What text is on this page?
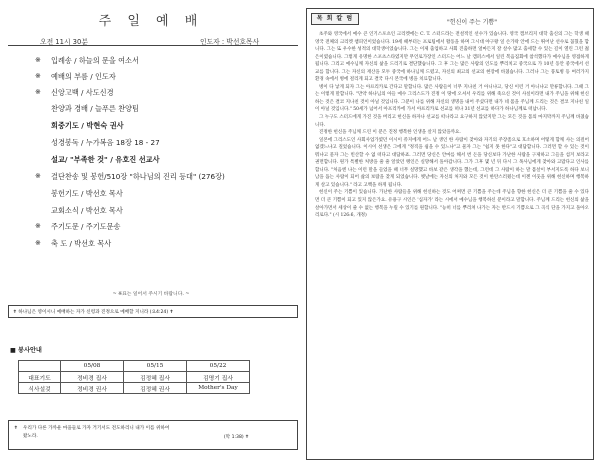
주 일 예 배
오전 11시 30분	인도자 : 박선호목사
※ 입례송 / 하늘의 문을 여소서
※ 예배의 부름 / 인도자
※ 신앙고백 / 사도신경
찬양과 경배 / 늘푸른 찬양팀
회중기도 / 박현숙 권사
성경봉독 / 누가복음 18장 18 - 27
설교/ "부족한 것" / 유호진 선교사
※ 결단찬송 및 봉헌/510장 "하나님의 진리 등대" (276장)
봉헌기도 / 박선호 목사
교회소식 / 박선호 목사
※ 주기도문 / 주기도문송
※ 축 도 / 박선호 목사
~ ※표는 일어서 주시기 바랍니다. ~
✝ 하나님은 영이시니 예배하는 자가 신령과 진정으로 예배할 지니라 (요4:24) ✝
■ 봉사안내
	05/08	05/15	05/22
대표기도	정비경 집사	김정혜 집사	김명기 집사
식사설겆	정비경 권사	김정혜 권사	Mother's Day
✝ 우리가 다른 가까운 마을들로 가자 거기서도 전도하리니 내가 이를 위하여
왔노라.	(막 1:38) ✝
목 회 칼 럼
"헌신이 주는 기쁨"

초주와 영국에서 예수 큰 인기스포츠인 크리켓에는 C. T. 스터드라는 전설적인 선수가 있습니다. 영국 캠브리지 대학 출신의 그는 학생 때 영국 전체의 크리켓 챔피언이었습니다. 19세 때부터는 프로팀에서 활동을 하며 그시대 야구왕 일 손가락 안에 드는 뛰어난 선수로 꼽혔을 합니다. 그는 또 우수한 성적의 대학생이었습니다. 그는 이제 출업하고 사회 진출하면 얼마든지 잘 살수 많고 출세할 수 있는 길이 열린 그런 젊은이였습니다. 그렇게 유명한 스포츠스타였지만 무언로가장인 스터드는 어느 날 캠퍼스에서 일린 복음집회에 참석했다가 예수님을 영접하게 됩니다. 그리고 예수님께 자신의 삶을 드리기로 결단했습니다. 그 후 그는 많은 사람의 인도를 뿌리치고 중국으로 가 10년 동안 중국에서 선교를 합니다. 그는 자신의 재산을 모두 중국에 하나님께 드렸고, 자신의 최고의 선교의 현장에 바쳤습니다. 그러나 그는 풍토병 등 여러가지 환경 속에서 병에 걸리게 되고 결국 다시 본국에 병을 치료합니다.

병이 다 낳게 되자 그는 아프리카로 간다고 말합니다. 많은 사람들이 너무 지나친 거 아니냐고, 당신 이런 거 아니냐고 만류합니다. 그때 그는 이렇게 말합니다. "만약 하나님의 아들 예수 그리스도가 진정 이 땅에 오셔서 우리를 위해 죽으신 것이 사실이라면 내가 주님을 위해 헌신하는 것은 결코 지나친 것이 아닐 것입니다. 그분이 나를 위해 자신의 생명을 내어 주셨다면 내가 네 몸을 주님께 드리는 것은 결코 지나친 일이 아닐 것입니다." 50세가 넘어서 아프리카에 가서 아프리카로 선교를 떠나 31년 선교를 하다가 하나님께로 떠납니다.

그 누구도 스터드에게 가진 것을 버리고 헌신을 하자나 선교를 떠나라고 요구하지 않았지만 그는 모든 것을 몸의 마지막까지 주님께 바쳤습니다.

진정한 헌신을 주님께 드린 이 분은 진정 행복한 인생을 살지 않았을까요.

일본에 그리스도인 사회사업가였던 이시이 쥬지에게 어느 날 생인 한 사람이 찾아와 자기의 주장좀으로 호소하며 어떻게 함께 사는 의걸어 없겠느냐고 질었습니다. 이시이 선생은 그에게 "정직을 쉼을 수 있느냐"고 물자 그는 "쉽지 못 한다"고 대답합니다. 그러면 할 수 있는 것이 뭐냐고 묻자 그는 빈산할 수 없 떠다고 대답하죠. 그러면 당신은 안마를 해서 번 돈을 당신보다 가난한 사람을 구제하고 그들을 섬겨 보라고 권면합니다. 원가 특별한 처방을 줄 줄 알았던 맹인은 실망해서 돌아갑니다. 그가 그후 몇 년 뒤 다시 그 목사님에게 찾아와 고맙다고 인사를 합니다. "처음엔 나는 이런 말을 들었을 때 너무 실망했고 바보 같은 생각을 했는데, 그런데 그 사람이 하는 말 몸살이 부서지도록 하다 보니 남을 돕는 사람이 되어 삶의 보람을 찾게 되었습니다. 옛날에는 자신의 처지와 모든 것이 한탄스러웠는데 이젠 이웃을 위해 헌신하며 행복하게 살고 있습니다." 라고 고백을 하게 됩니다.

헌신이 주는 기쁨이 있습니다. 가난한 사람들을 위해 헌신하는 것도 어쩌면 큰 기쁨을 주는데 주님을 향한 헌신은 더 큰 기쁨을 줄 수 있다면 더 큰 기쁨이 되고 있지 않은가요. 유용구 시인은 '십자가' 라는 시에서 예수님을 행복하신 분이라고 말합니다. 주님께 드리는 헌신의 삶을 살아가면서 세상이 줄 수 없는 행복을 누릴 수 있기를 원합니다. "능히 너를 뿌리쳐 나가는 자는 반드시 기쁨으로 그 곡식 단을 가지고 돌아오리로다." (시 126:6, 개정)
